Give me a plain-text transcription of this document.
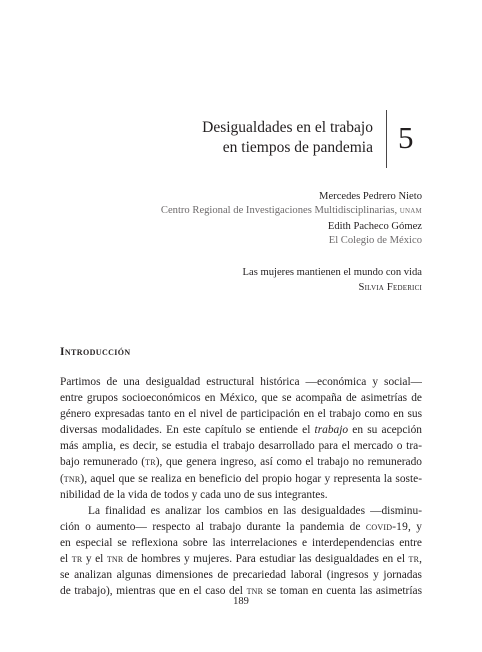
Desigualdades en el trabajo
en tiempos de pandemia 5
Mercedes Pedrero Nieto
Centro Regional de Investigaciones Multidisciplinarias, unam
Edith Pacheco Gómez
El Colegio de México
Las mujeres mantienen el mundo con vida
Silvia Federici
Introducción
Partimos de una desigualdad estructural histórica —económica y social—
entre grupos socioeconómicos en México, que se acompaña de asimetrías de
género expresadas tanto en el nivel de participación en el trabajo como en sus
diversas modalidades. En este capítulo se entiende el trabajo en su acepción
más amplia, es decir, se estudia el trabajo desarrollado para el mercado o tra-
bajo remunerado (tr), que genera ingreso, así como el trabajo no remunerado
(tnr), aquel que se realiza en beneficio del propio hogar y representa la soste-
nibilidad de la vida de todos y cada uno de sus integrantes.
La finalidad es analizar los cambios en las desigualdades —disminu-
ción o aumento— respecto al trabajo durante la pandemia de covid-19, y
en especial se reflexiona sobre las interrelaciones e interdependencias entre
el tr y el tnr de hombres y mujeres. Para estudiar las desigualdades en el tr,
se analizan algunas dimensiones de precariedad laboral (ingresos y jornadas
de trabajo), mientras que en el caso del tnr se toman en cuenta las asimetrías
189
